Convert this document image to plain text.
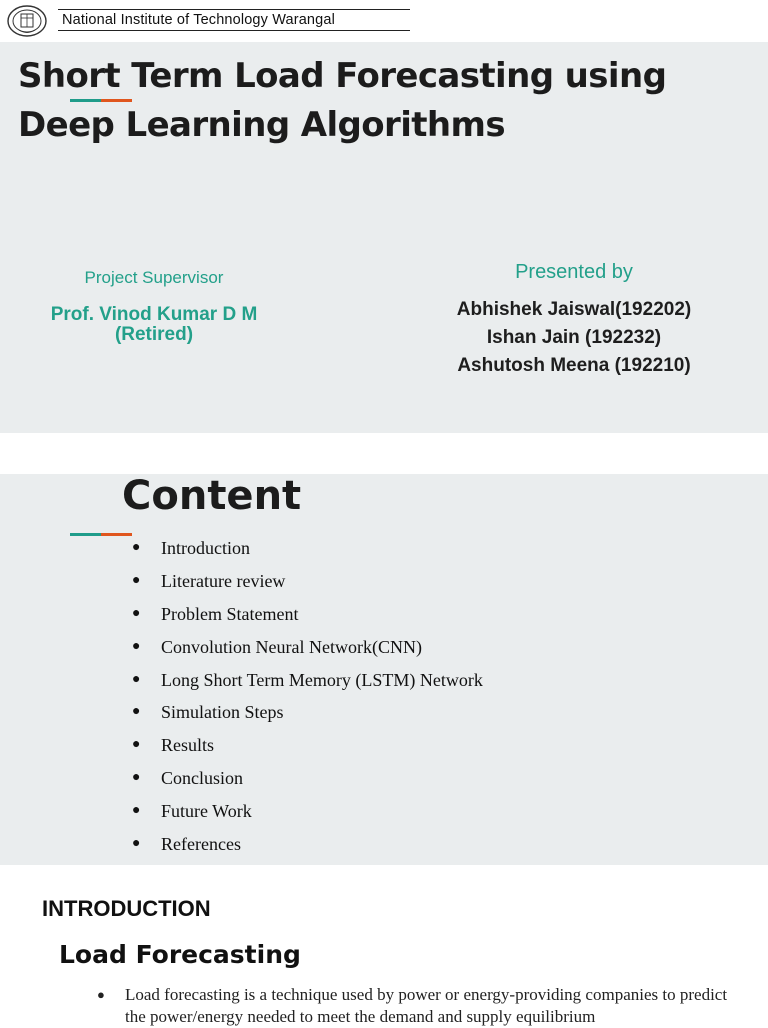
National Institute of Technology Warangal
Short Term Load Forecasting using
Deep Learning Algorithms
Project Supervisor
Prof. Vinod Kumar D M
(Retired)
Presented by
Abhishek Jaiswal(192202)
Ishan Jain (192232)
Ashutosh Meena (192210)
Content
● Introduction
● Literature review
● Problem Statement
● Convolution Neural Network(CNN)
● Long Short Term Memory (LSTM) Network
● Simulation Steps
● Results
● Conclusion
● Future Work
● References
INTRODUCTION
Load Forecasting
● Load forecasting is a technique used by power or energy-providing companies to predict the power/energy needed to meet the demand and supply equilibrium
